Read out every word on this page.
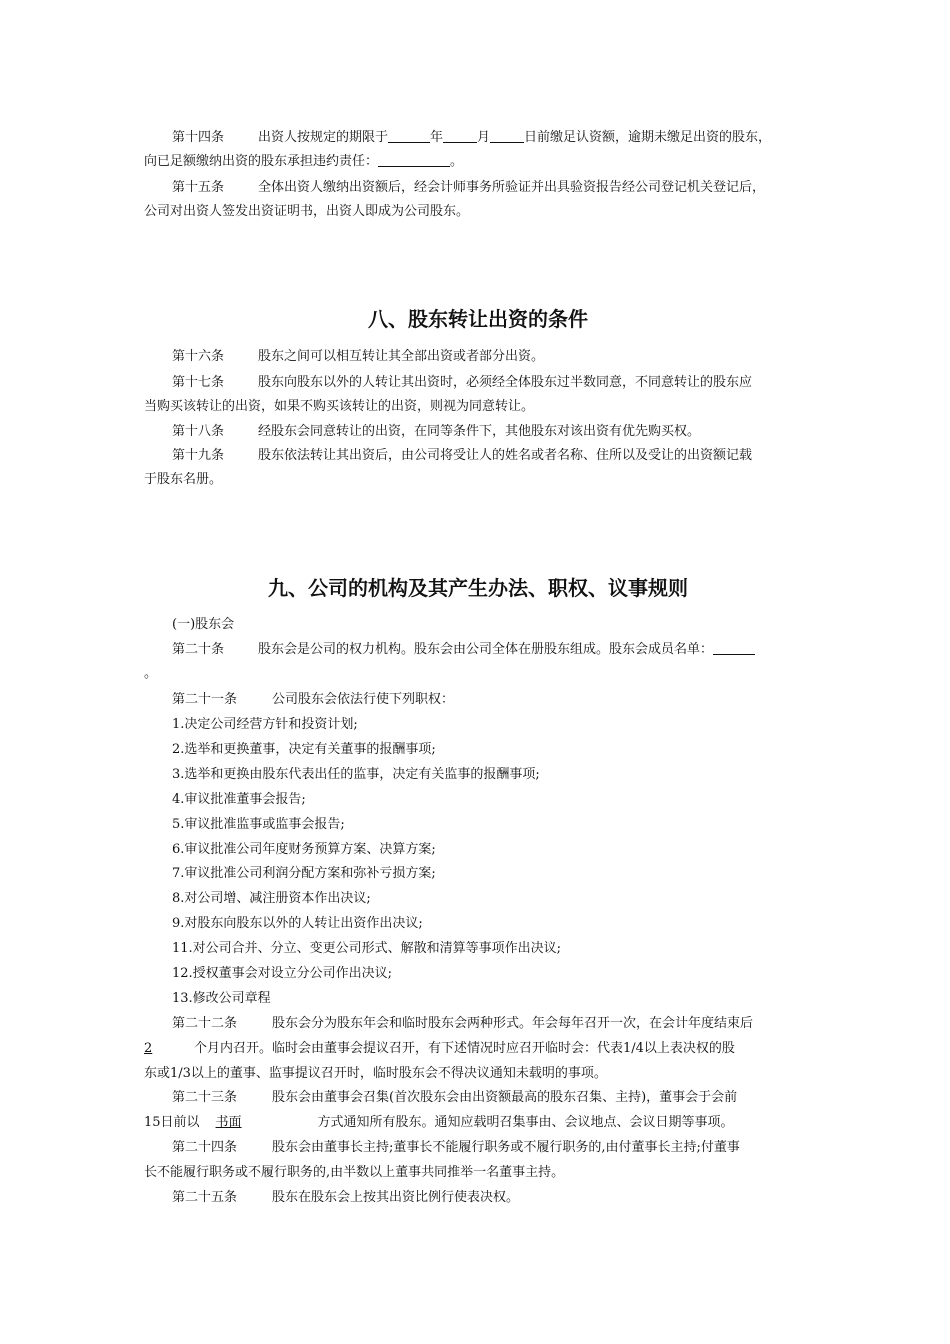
第十四条	出资人按规定的期限于	年	月	日前缴足认资额，逾期未缴足出资的股东，
向已足额缴纳出资的股东承担违约责任：	。
第十五条	全体出资人缴纳出资额后，经会计师事务所验证并出具验资报告经公司登记机关登记后，
公司对出资人签发出资证明书，出资人即成为公司股东。
八、股东转让出资的条件
第十六条	股东之间可以相互转让其全部出资或者部分出资。
第十七条	股东向股东以外的人转让其出资时，必须经全体股东过半数同意，不同意转让的股东应
当购买该转让的出资，如果不购买该转让的出资，则视为同意转让。
第十八条	经股东会同意转让的出资，在同等条件下，其他股东对该出资有优先购买权。
第十九条	股东依法转让其出资后，由公司将受让人的姓名或者名称、住所以及受让的出资额记载
于股东名册。
九、公司的机构及其产生办法、职权、议事规则
(一)股东会
第二十条	股东会是公司的权力机构。股东会由公司全体在册股东组成。股东会成员名单：
。
第二十一条	公司股东会依法行使下列职权：
1.决定公司经营方针和投资计划;
2.选举和更换董事，决定有关董事的报酬事项;
3.选举和更换由股东代表出任的监事，决定有关监事的报酬事项;
4.审议批准董事会报告;
5.审议批准监事或监事会报告;
6.审议批准公司年度财务预算方案、决算方案;
7.审议批准公司利润分配方案和弥补亏损方案;
8.对公司增、减注册资本作出决议;
9.对股东向股东以外的人转让出资作出决议;
11.对公司合并、分立、变更公司形式、解散和清算等事项作出决议;
12.授权董事会对设立分公司作出决议;
13.修改公司章程
第二十二条	股东会分为股东年会和临时股东会两种形式。年会每年召开一次，在会计年度结束后
2	个月内召开。临时会由董事会提议召开，有下述情况时应召开临时会：代表1/4以上表决权的股
东或1/3以上的董事、监事提议召开时，临时股东会不得决议通知未载明的事项。
第二十三条	股东会由董事会召集(首次股东会由出资额最高的股东召集、主持)，董事会于会前
15日前以 书面	方式通知所有股东。通知应载明召集事由、会议地点、会议日期等事项。
第二十四条	股东会由董事长主持;董事长不能履行职务或不履行职务的,由付董事长主持;付董事
长不能履行职务或不履行职务的,由半数以上董事共同推举一名董事主持。
第二十五条	股东在股东会上按其出资比例行使表决权。
